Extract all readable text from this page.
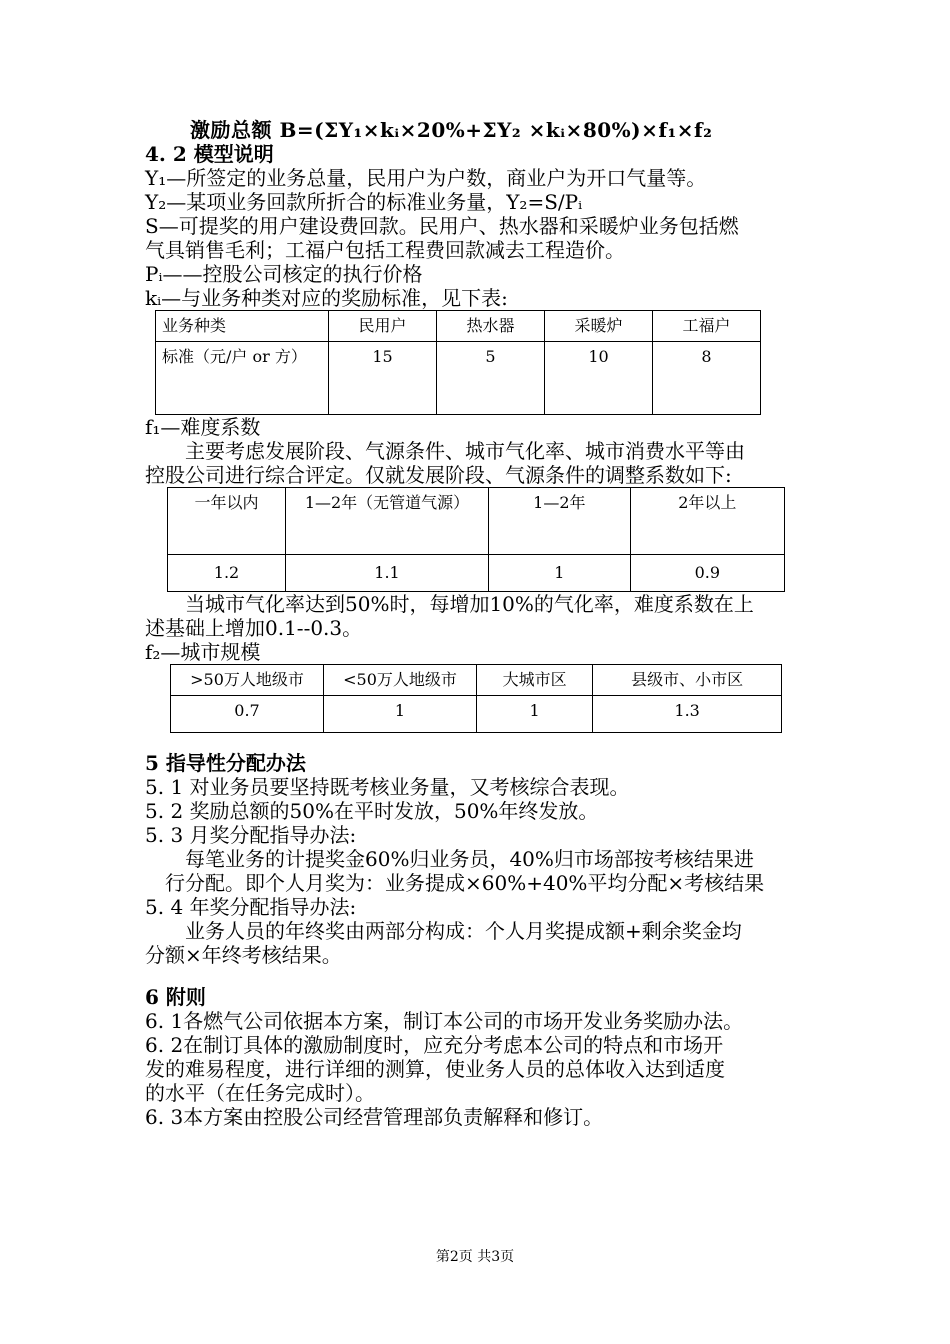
激励总额 B=(ΣY₁×kᵢ×20%+ΣY₂ ×kᵢ×80%)×f₁×f₂
4. 2 模型说明
Y₁—所签定的业务总量，民用户为户数，商业户为开口气量等。
Y₂—某项业务回款所折合的标准业务量，Y₂=S/Pᵢ
S—可提奖的用户建设费回款。民用户、热水器和采暖炉业务包括燃
气具销售毛利；工福户包括工程费回款减去工程造价。
Pᵢ——控股公司核定的执行价格
kᵢ—与业务种类对应的奖励标准，见下表:
业务种类	民用户	热水器	采暖炉	工福户
标准（元/户 or 方）	15	5	10	8
f₁—难度系数
主要考虑发展阶段、气源条件、城市气化率、城市消费水平等由
控股公司进行综合评定。仅就发展阶段、气源条件的调整系数如下:
一年以内	1—2年（无管道气源）	1—2年	2年以上
1.2	1.1	1	0.9
当城市气化率达到50%时，每增加10%的气化率，难度系数在上
述基础上增加0.1--0.3。
f₂—城市规模
>50万人地级市	<50万人地级市	大城市区	县级市、小市区
0.7	1	1	1.3
5 指导性分配办法
5. 1 对业务员要坚持既考核业务量，又考核综合表现。
5. 2 奖励总额的50%在平时发放，50%年终发放。
5. 3 月奖分配指导办法:
每笔业务的计提奖金60%归业务员，40%归市场部按考核结果进
行分配。即个人月奖为：业务提成×60%+40%平均分配×考核结果
5. 4 年奖分配指导办法:
业务人员的年终奖由两部分构成：个人月奖提成额+剩余奖金均
分额×年终考核结果。
6 附则
6. 1各燃气公司依据本方案，制订本公司的市场开发业务奖励办法。
6. 2在制订具体的激励制度时，应充分考虑本公司的特点和市场开
发的难易程度，进行详细的测算，使业务人员的总体收入达到适度
的水平（在任务完成时）。
6. 3本方案由控股公司经营管理部负责解释和修订。
第2页 共3页
